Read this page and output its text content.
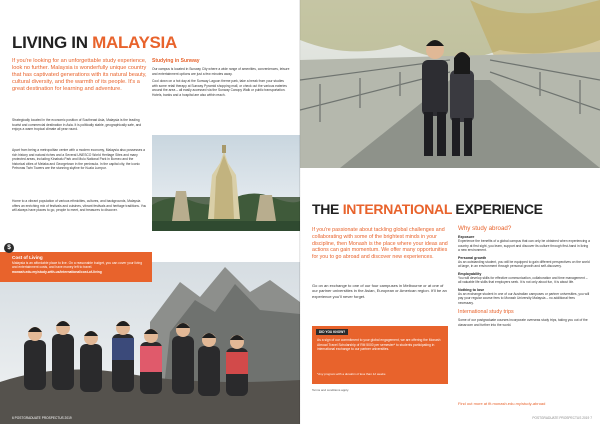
LIVING IN MALAYSIA
If you're looking for an unforgettable study experience, look no further. Malaysia is wonderfully unique country that has captivated generations with its natural beauty, cultural diversity, and the warmth of its people. It's a great destination for learning and adventure.
Strategically located in the economic position of Southeast Asia, Malaysia is the leading tourist and commercial destination in Asia. It is politically stable, geographically safe, and enjoys a warm tropical climate all year round.
Apart from being a metropolitan centre with a modern economy, Malaysia also possesses a rich history and natural riches and a Several UNESCO World Heritage Sites and many protected areas, including Kinabalu Park and Mulu National Park in Borneo and the historical cities of Melaka and Georgetown in the peninsula. In the capital city, the iconic Petronas Twin Towers are the stunning skyline for Kuala Lumpur.
Home to a vibrant population of various ethnicities, cultures, and backgrounds, Malaysia offers an enriching mix of festivals and cuisines, vibrant festivals and heritage traditions. You will always have places to go, people to meet, and treasures to discover.
Studying in Sunway
Our campus is located in Sunway City where a wide range of amenities, conveniences, leisure and entertainment options are just a few minutes away.
Cool down on a hot day at the Sunway Lagoon theme park, take a break from your studies with some retail therapy at Sunway Pyramid shopping mall, or check out the various eateries around the area – all easily accessed via the Sunway Canopy Walk or public transportation. Hotels, banks and a hospital are also within reach.
$
Cost of Living
Malaysia is an affordable place to live. On a reasonable budget, you can cover your living and entertainment costs, and have money left to travel.
monash.edu.my/study-with-us/international/cost-of-living
6 POSTGRADUATE PROSPECTUS 2019
THE INTERNATIONAL EXPERIENCE
If you're passionate about tackling global challenges and collaborating with some of the brightest minds in your discipline, then Monash is the place where your ideas and actions can gain momentum. We offer many opportunities for you to go abroad and discover new experiences.
Go on an exchange to one of our four campuses in Melbourne or at one of our partner universities in the Asian, European or American region. It'll be an experience you'll never forget.
DID YOU KNOW?
As a sign of our commitment to your global engagement, we are offering the Monash Abroad Travel Scholarship of RM 5000 per semester* to students participating in international exchange to our partner universities.
*Any program with a duration of less than 12 weeks.
Terms and conditions apply.
Why study abroad?
Exposure
Experience the benefits of a global campus that can only be obtained when experiencing a country at first sight, you learn, support and discover its culture through first-hand in living a new environment.
Personal growth
As an outstanding student, you will be equipped to gain different perspectives on the world at large, in an environment through personal growth and self-discovery.
Employability
You will develop skills for effective communication, collaboration and time management – all valuable life skills that employers seek. It is not only about fun, it is about life.
Nothing to lose
As an exchange student in one of our Australian campuses or partner universities, you will pay your regular course fees to Monash University Malaysia – no additional fees necessary.
International study trips
Some of our postgraduate courses incorporate overseas study trips, taking you out of the classroom and further into the world.
Find out more at fit.monash.edu.my/study-abroad
POSTGRADUATE PROSPECTUS 2019 7
